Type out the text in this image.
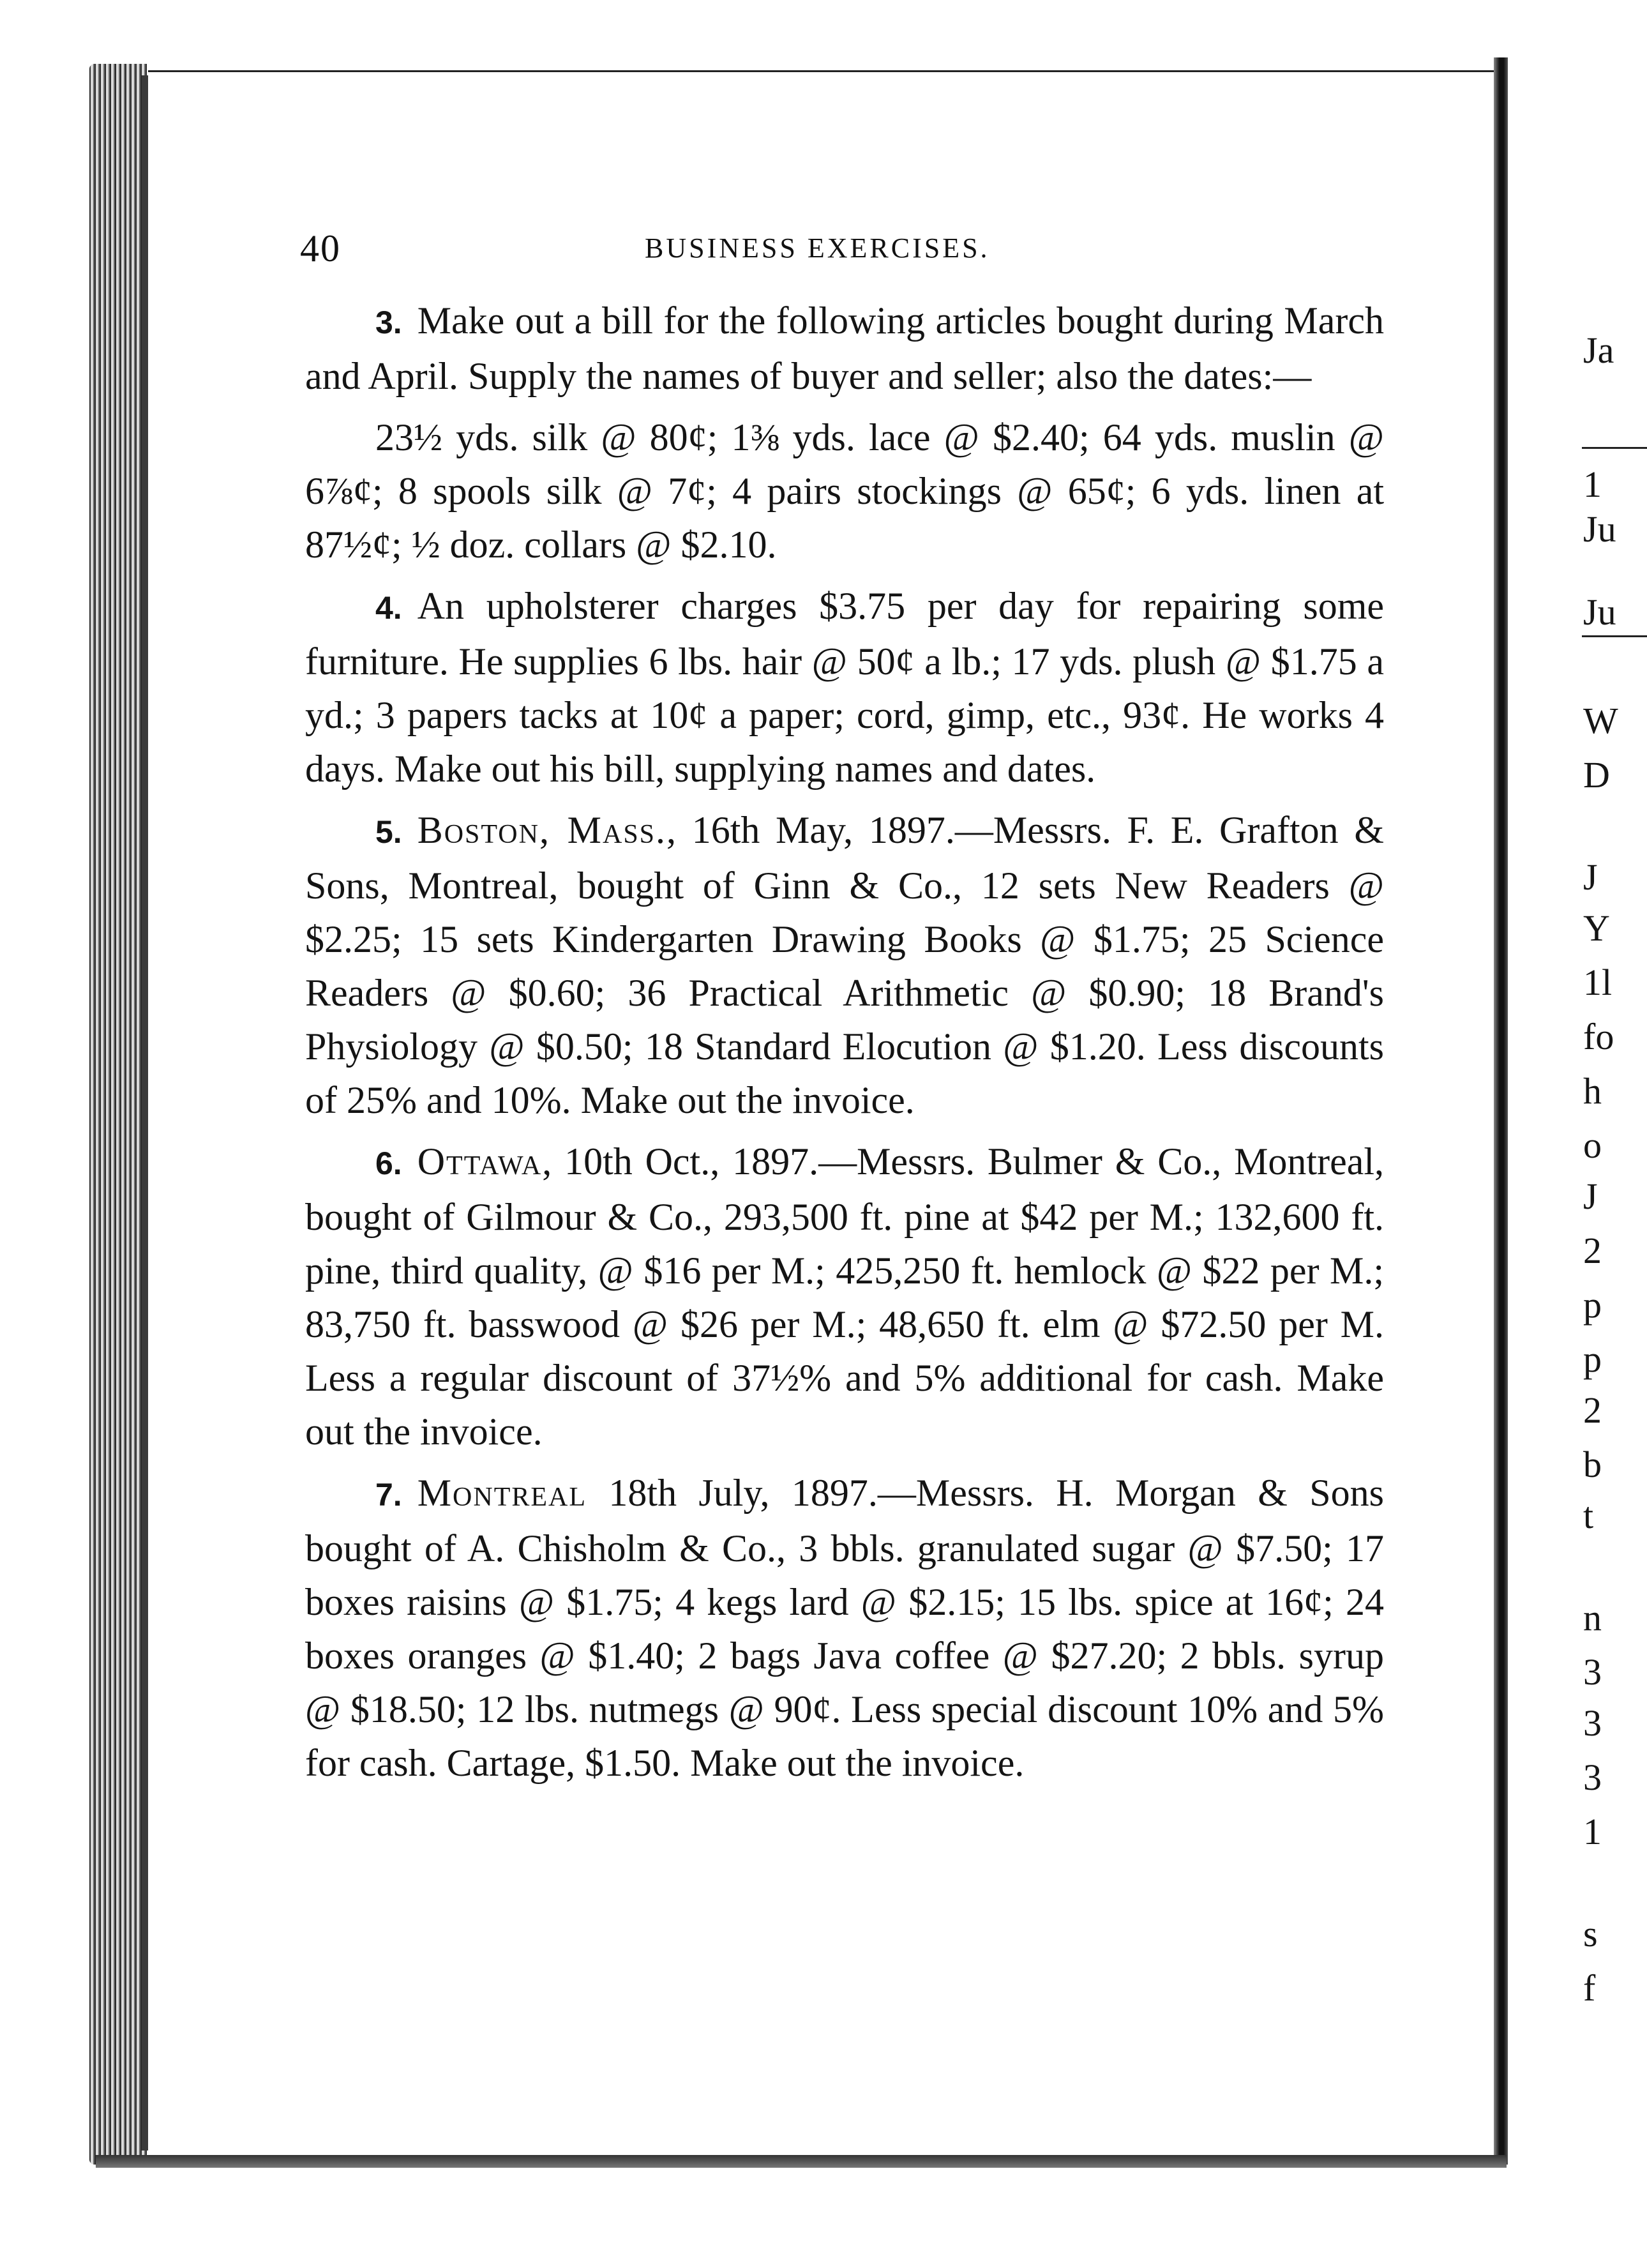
Ja
1
Ju
Ju
W
D
J
Y
1l
fo
h
o
J
2
p
p
2
b
t
n
3
3
3
1
s
f
40	BUSINESS EXERCISES.
3. Make out a bill for the following articles bought during March and April. Supply the names of buyer and seller; also the dates:—
23½ yds. silk @ 80¢; 1⅜ yds. lace @ $2.40; 64 yds. muslin @ 6⅞¢; 8 spools silk @ 7¢; 4 pairs stockings @ 65¢; 6 yds. linen at 87½¢; ½ doz. collars @ $2.10.
4. An upholsterer charges $3.75 per day for repairing some furniture. He supplies 6 lbs. hair @ 50¢ a lb.; 17 yds. plush @ $1.75 a yd.; 3 papers tacks at 10¢ a paper; cord, gimp, etc., 93¢. He works 4 days. Make out his bill, supplying names and dates.
5. Boston, Mass., 16th May, 1897.—Messrs. F. E. Grafton & Sons, Montreal, bought of Ginn & Co., 12 sets New Readers @ $2.25; 15 sets Kindergarten Drawing Books @ $1.75; 25 Science Readers @ $0.60; 36 Practical Arithmetic @ $0.90; 18 Brand's Physiology @ $0.50; 18 Standard Elocution @ $1.20. Less discounts of 25% and 10%. Make out the invoice.
6. Ottawa, 10th Oct., 1897.—Messrs. Bulmer & Co., Montreal, bought of Gilmour & Co., 293,500 ft. pine at $42 per M.; 132,600 ft. pine, third quality, @ $16 per M.; 425,250 ft. hemlock @ $22 per M.; 83,750 ft. basswood @ $26 per M.; 48,650 ft. elm @ $72.50 per M. Less a regular discount of 37½% and 5% additional for cash. Make out the invoice.
7. Montreal 18th July, 1897.—Messrs. H. Morgan & Sons bought of A. Chisholm & Co., 3 bbls. granulated sugar @ $7.50; 17 boxes raisins @ $1.75; 4 kegs lard @ $2.15; 15 lbs. spice at 16¢; 24 boxes oranges @ $1.40; 2 bags Java coffee @ $27.20; 2 bbls. syrup @ $18.50; 12 lbs. nutmegs @ 90¢. Less special discount 10% and 5% for cash. Cartage, $1.50. Make out the invoice.
